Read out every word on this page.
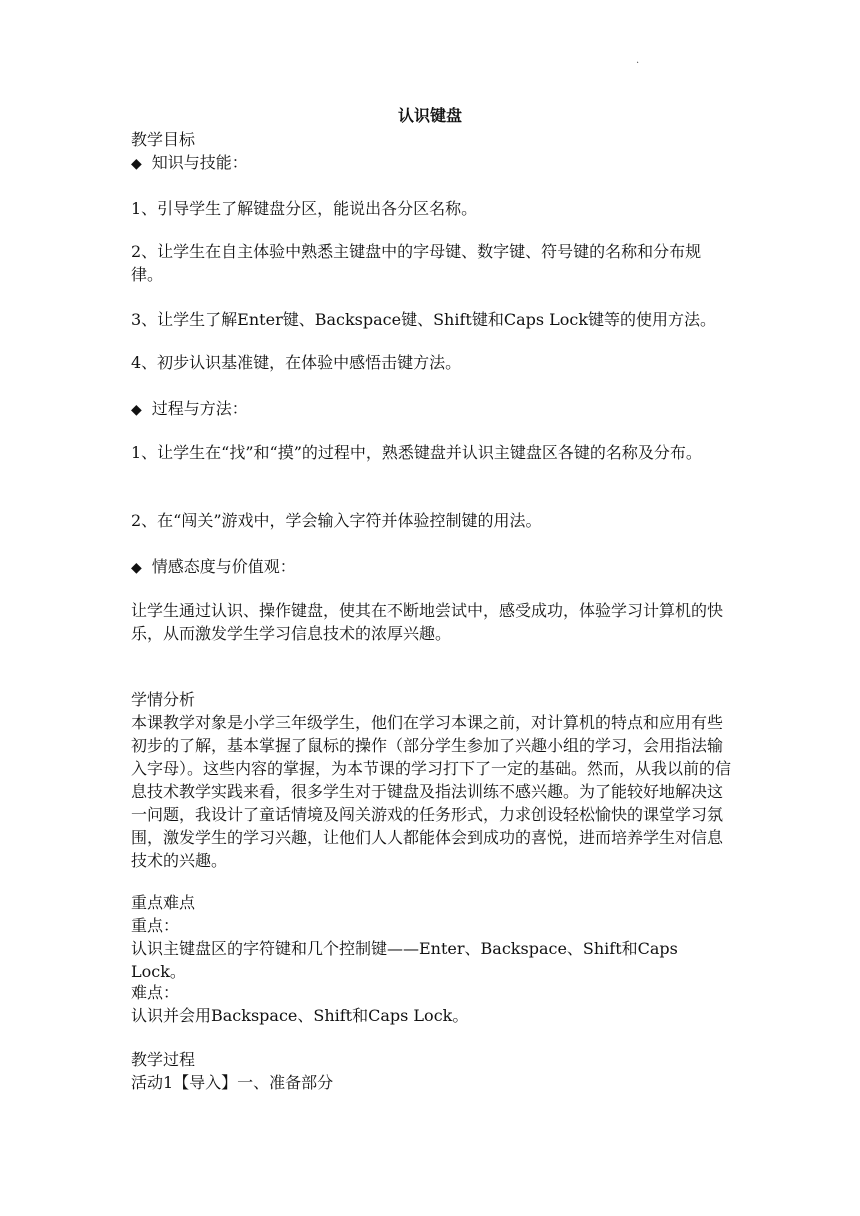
.
认识键盘
教学目标
◆ 知识与技能：
1、引导学生了解键盘分区，能说出各分区名称。
2、让学生在自主体验中熟悉主键盘中的字母键、数字键、符号键的名称和分布规律。
3、让学生了解Enter键、Backspace键、Shift键和Caps Lock键等的使用方法。
4、初步认识基准键，在体验中感悟击键方法。
◆ 过程与方法：
1、让学生在“找”和“摸”的过程中，熟悉键盘并认识主键盘区各键的名称及分布。
2、在“闯关”游戏中，学会输入字符并体验控制键的用法。
◆ 情感态度与价值观：
让学生通过认识、操作键盘，使其在不断地尝试中，感受成功，体验学习计算机的快乐，从而激发学生学习信息技术的浓厚兴趣。
学情分析
本课教学对象是小学三年级学生，他们在学习本课之前，对计算机的特点和应用有些初步的了解，基本掌握了鼠标的操作（部分学生参加了兴趣小组的学习，会用指法输入字母）。这些内容的掌握，为本节课的学习打下了一定的基础。然而，从我以前的信息技术教学实践来看，很多学生对于键盘及指法训练不感兴趣。为了能较好地解决这一问题，我设计了童话情境及闯关游戏的任务形式，力求创设轻松愉快的课堂学习氛围，激发学生的学习兴趣，让他们人人都能体会到成功的喜悦，进而培养学生对信息技术的兴趣。
重点难点
重点：
认识主键盘区的字符键和几个控制键——Enter、Backspace、Shift和Caps Lock。
难点：
认识并会用Backspace、Shift和Caps Lock。
教学过程
活动1【导入】一、准备部分
